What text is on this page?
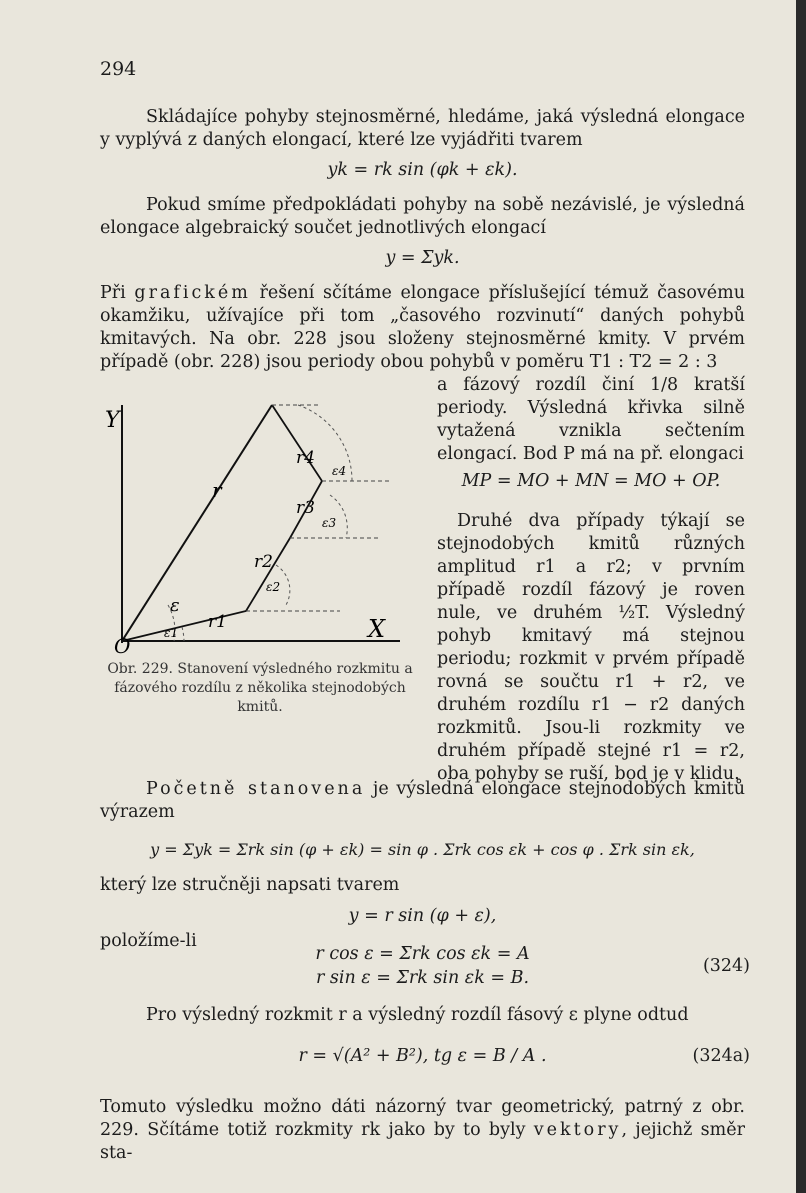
294

Skládajíce pohyby stejnosměrné, hledáme, jaká výsledná elongace y vyplývá z daných elongací, které lze vyjádřiti tvarem

yk = rk sin (φk + εk).

Pokud smíme předpokládati pohyby na sobě nezávislé, je výsledná elongace algebraický součet jednotlivých elongací

y = Σyk.

Při grafickém řešení sčítáme elongace příslušející témuž časovému okamžiku, užívajíce při tom „časového rozvinutí“ daných pohybů kmitavých. Na obr. 228 jsou složeny stejnosměrné kmity. V prvém případě (obr. 228) jsou periody obou pohybů v poměru T1 : T2 = 2 : 3

Y
X
O
r
ε
r1
r2
r3
r4
ε1
ε2
ε3
ε4

Obr. 229. Stanovení výsledného rozkmitu a fázového rozdílu z několika stejnodobých kmitů.

a fázový rozdíl činí 1/8 kratší periody. Výsledná křivka silně vytažená vznikla sečtením elongací. Bod P má na př. elongaci

MP = MO + MN = MO + OP.

Druhé dva případy týkají se stejnodobých kmitů různých amplitud r1 a r2; v prvním případě rozdíl fázový je roven nule, ve druhém ½T. Výsledný pohyb kmitavý má stejnou periodu; rozkmit v prvém případě rovná se součtu r1 + r2, ve druhém rozdílu r1 − r2 daných rozkmitů. Jsou-li rozkmity ve druhém případě stejné r1 = r2, oba pohyby se ruší, bod je v klidu.

Početně stanovena je výsledná elongace stejnodobých kmitů výrazem

y = Σyk = Σrk sin (φ + εk) = sin φ . Σrk cos εk + cos φ . Σrk sin εk,

který lze stručněji napsati tvarem

y = r sin (φ + ε),

položíme-li

r cos ε = Σrk cos εk = A

r sin ε = Σrk sin εk = B.

(324)

Pro výsledný rozkmit r a výsledný rozdíl fásový ε plyne odtud

r = √(A² + B²), tg ε = B / A .	(324a)

Tomuto výsledku možno dáti názorný tvar geometrický, patrný z obr. 229. Sčítáme totiž rozkmity rk jako by to byly vektory, jejichž směr sta-
